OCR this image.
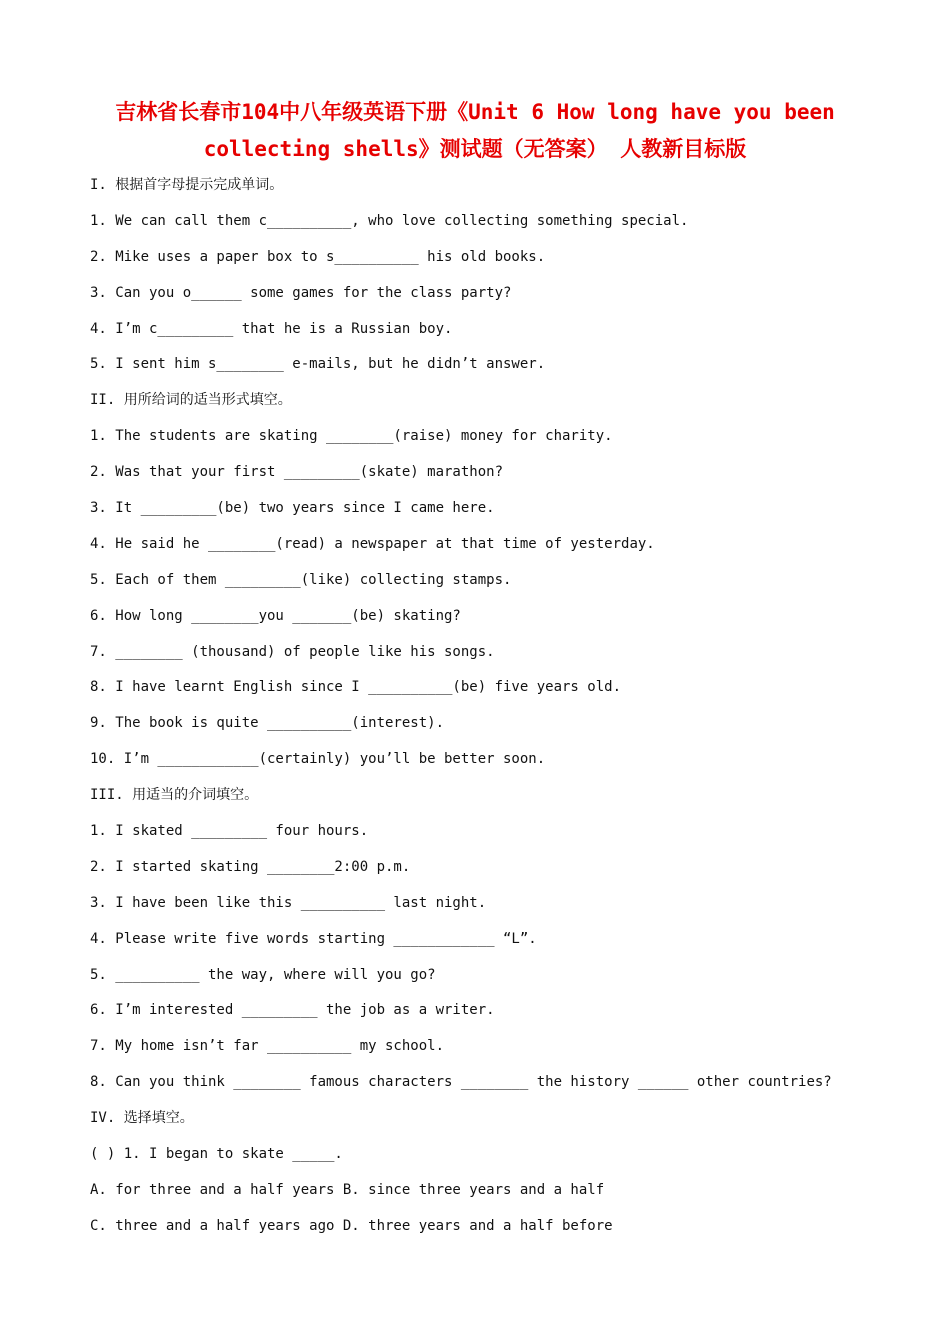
吉林省长春市104中八年级英语下册《Unit 6 How long have you been
collecting shells》测试题（无答案） 人教新目标版
I. 根据首字母提示完成单词。
1. We can call them c__________, who love collecting something special.
2. Mike uses a paper box to s__________ his old books.
3. Can you o______ some games for the class party?
4. I’m c_________ that he is a Russian boy.
5. I sent him s________ e-mails, but he didn’t answer.
II. 用所给词的适当形式填空。
1. The students are skating ________(raise) money for charity.
2. Was that your first _________(skate) marathon?
3. It _________(be) two years since I came here.
4. He said he ________(read) a newspaper at that time of yesterday.
5. Each of them _________(like) collecting stamps.
6. How long ________you _______(be) skating?
7. ________ (thousand) of people like his songs.
8. I have learnt English since I __________(be) five years old.
9. The book is quite __________(interest).
10. I’m ____________(certainly) you’ll be better soon.
III. 用适当的介词填空。
1. I skated _________ four hours.
2. I started skating ________2:00 p.m.
3. I have been like this __________ last night.
4. Please write five words starting ____________ “L”.
5. __________ the way, where will you go?
6. I’m interested _________ the job as a writer.
7. My home isn’t far __________ my school.
8. Can you think ________ famous characters ________ the history ______ other countries?
IV. 选择填空。
( ) 1. I began to skate _____.
A. for three and a half years B. since three years and a half
C. three and a half years ago D. three years and a half before
